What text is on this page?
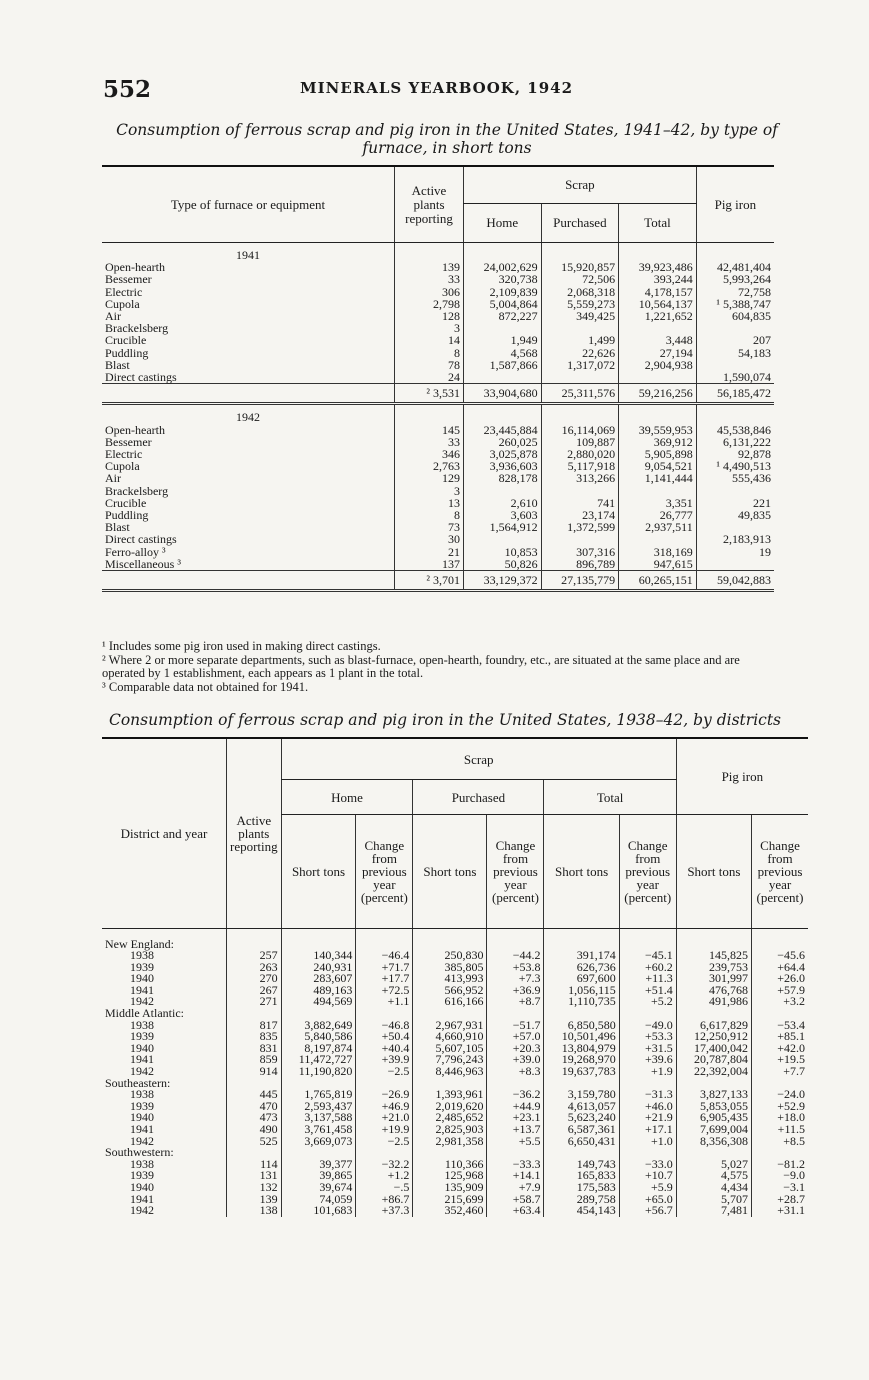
552	MINERALS YEARBOOK, 1942
Consumption of ferrous scrap and pig iron in the United States, 1941–42, by type of furnace, in short tons
Type of furnace or equipment	Active plants reporting	Scrap			Pig iron
		Home	Purchased	Total	
1941					
Open-hearth	139	24,002,629	15,920,857	39,923,486	42,481,404
Bessemer	33	320,738	72,506	393,244	5,993,264
Electric	306	2,109,839	2,068,318	4,178,157	72,758
Cupola	2,798	5,004,864	5,559,273	10,564,137	¹ 5,388,747
Air	128	872,227	349,425	1,221,652	604,835
Brackelsberg	3				
Crucible	14	1,949	1,499	3,448	207
Puddling	8	4,568	22,626	27,194	54,183
Blast	78	1,587,866	1,317,072	2,904,938	
Direct castings	24				1,590,074
	² 3,531	33,904,680	25,311,576	59,216,256	56,185,472
1942					
Open-hearth	145	23,445,884	16,114,069	39,559,953	45,538,846
Bessemer	33	260,025	109,887	369,912	6,131,222
Electric	346	3,025,878	2,880,020	5,905,898	92,878
Cupola	2,763	3,936,603	5,117,918	9,054,521	¹ 4,490,513
Air	129	828,178	313,266	1,141,444	555,436
Brackelsberg	3				
Crucible	13	2,610	741	3,351	221
Puddling	8	3,603	23,174	26,777	49,835
Blast	73	1,564,912	1,372,599	2,937,511	
Direct castings	30				2,183,913
Ferro-alloy ³	21	10,853	307,316	318,169	19
Miscellaneous ³	137	50,826	896,789	947,615	
	² 3,701	33,129,372	27,135,779	60,265,151	59,042,883
¹ Includes some pig iron used in making direct castings.
² Where 2 or more separate departments, such as blast-furnace, open-hearth, foundry, etc., are situated at the same place and are operated by 1 establishment, each appears as 1 plant in the total.
³ Comparable data not obtained for 1941.
Consumption of ferrous scrap and pig iron in the United States, 1938–42, by districts
District and year	Active plants reporting	Scrap						Pig iron	
		Home		Purchased		Total			
		Short tons	Change from previous year (percent)	Short tons	Change from previous year (percent)	Short tons	Change from previous year (percent)	Short tons	Change from previous year (percent)

New England:									
1938	257	140,344	−46.4	250,830	−44.2	391,174	−45.1	145,825	−45.6
1939	263	240,931	+71.7	385,805	+53.8	626,736	+60.2	239,753	+64.4
1940	270	283,607	+17.7	413,993	+7.3	697,600	+11.3	301,997	+26.0
1941	267	489,163	+72.5	566,952	+36.9	1,056,115	+51.4	476,768	+57.9
1942	271	494,569	+1.1	616,166	+8.7	1,110,735	+5.2	491,986	+3.2
Middle Atlantic:									
1938	817	3,882,649	−46.8	2,967,931	−51.7	6,850,580	−49.0	6,617,829	−53.4
1939	835	5,840,586	+50.4	4,660,910	+57.0	10,501,496	+53.3	12,250,912	+85.1
1940	831	8,197,874	+40.4	5,607,105	+20.3	13,804,979	+31.5	17,400,042	+42.0
1941	859	11,472,727	+39.9	7,796,243	+39.0	19,268,970	+39.6	20,787,804	+19.5
1942	914	11,190,820	−2.5	8,446,963	+8.3	19,637,783	+1.9	22,392,004	+7.7
Southeastern:									
1938	445	1,765,819	−26.9	1,393,961	−36.2	3,159,780	−31.3	3,827,133	−24.0
1939	470	2,593,437	+46.9	2,019,620	+44.9	4,613,057	+46.0	5,853,055	+52.9
1940	473	3,137,588	+21.0	2,485,652	+23.1	5,623,240	+21.9	6,905,435	+18.0
1941	490	3,761,458	+19.9	2,825,903	+13.7	6,587,361	+17.1	7,699,004	+11.5
1942	525	3,669,073	−2.5	2,981,358	+5.5	6,650,431	+1.0	8,356,308	+8.5
Southwestern:									
1938	114	39,377	−32.2	110,366	−33.3	149,743	−33.0	5,027	−81.2
1939	131	39,865	+1.2	125,968	+14.1	165,833	+10.7	4,575	−9.0
1940	132	39,674	−.5	135,909	+7.9	175,583	+5.9	4,434	−3.1
1941	139	74,059	+86.7	215,699	+58.7	289,758	+65.0	5,707	+28.7
1942	138	101,683	+37.3	352,460	+63.4	454,143	+56.7	7,481	+31.1
